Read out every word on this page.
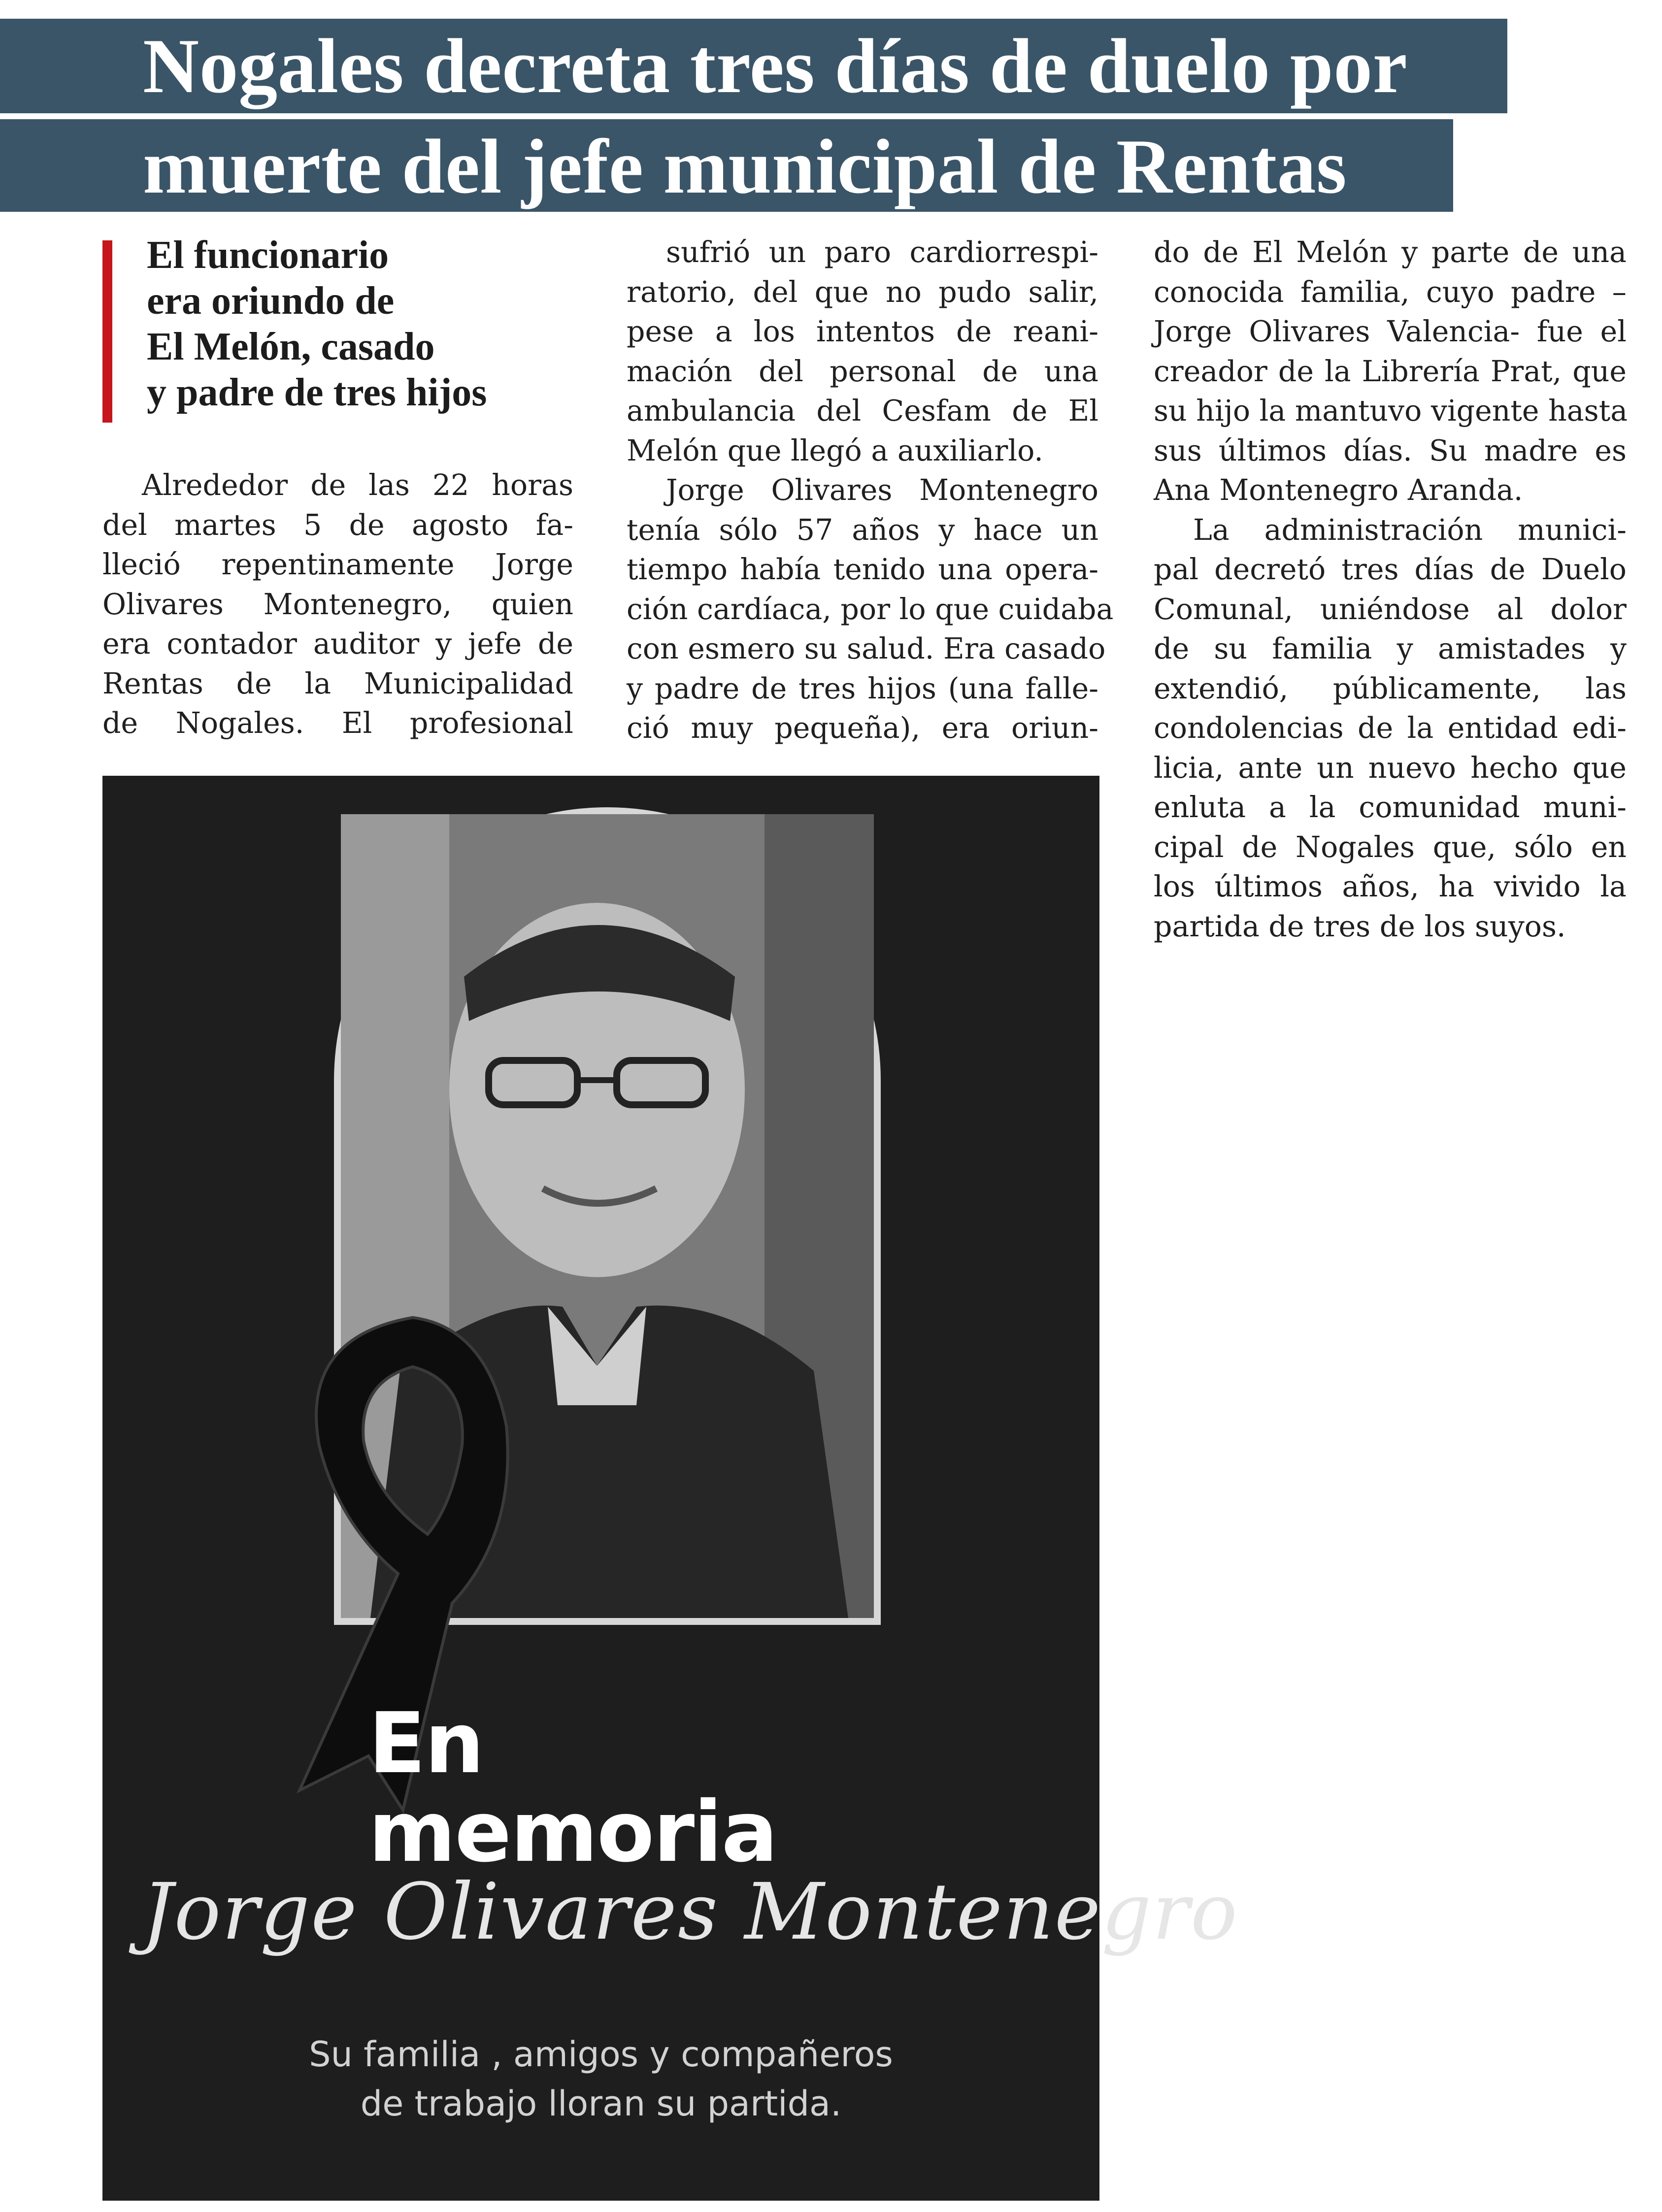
Nogales decreta tres días de duelo por
muerte del jefe municipal de Rentas
El funcionario
era oriundo de
El Melón, casado
y padre de tres hijos
Alrededor de las 22 horas
del martes 5 de agosto fa-
lleció repentinamente Jorge
Olivares Montenegro, quien
era contador auditor y jefe de
Rentas de la Municipalidad
de Nogales. El profesional
sufrió un paro cardiorrespi-
ratorio, del que no pudo salir,
pese a los intentos de reani-
mación del personal de una
ambulancia del Cesfam de El
Melón que llegó a auxiliarlo.
Jorge Olivares Montenegro
tenía sólo 57 años y hace un
tiempo había tenido una opera-
ción cardíaca, por lo que cuidaba
con esmero su salud. Era casado
y padre de tres hijos (una falle-
ció muy pequeña), era oriun-
do de El Melón y parte de una
conocida familia, cuyo padre –
Jorge Olivares Valencia- fue el
creador de la Librería Prat, que
su hijo la mantuvo vigente hasta
sus últimos días. Su madre es
Ana Montenegro Aranda.
La administración munici-
pal decretó tres días de Duelo
Comunal, uniéndose al dolor
de su familia y amistades y
extendió, públicamente, las
condolencias de la entidad edi-
licia, ante un nuevo hecho que
enluta a la comunidad muni-
cipal de Nogales que, sólo en
los últimos años, ha vivido la
partida de tres de los suyos.
En
memoria
Jorge Olivares Montenegro
Su familia , amigos y compañeros
de trabajo lloran su partida.
